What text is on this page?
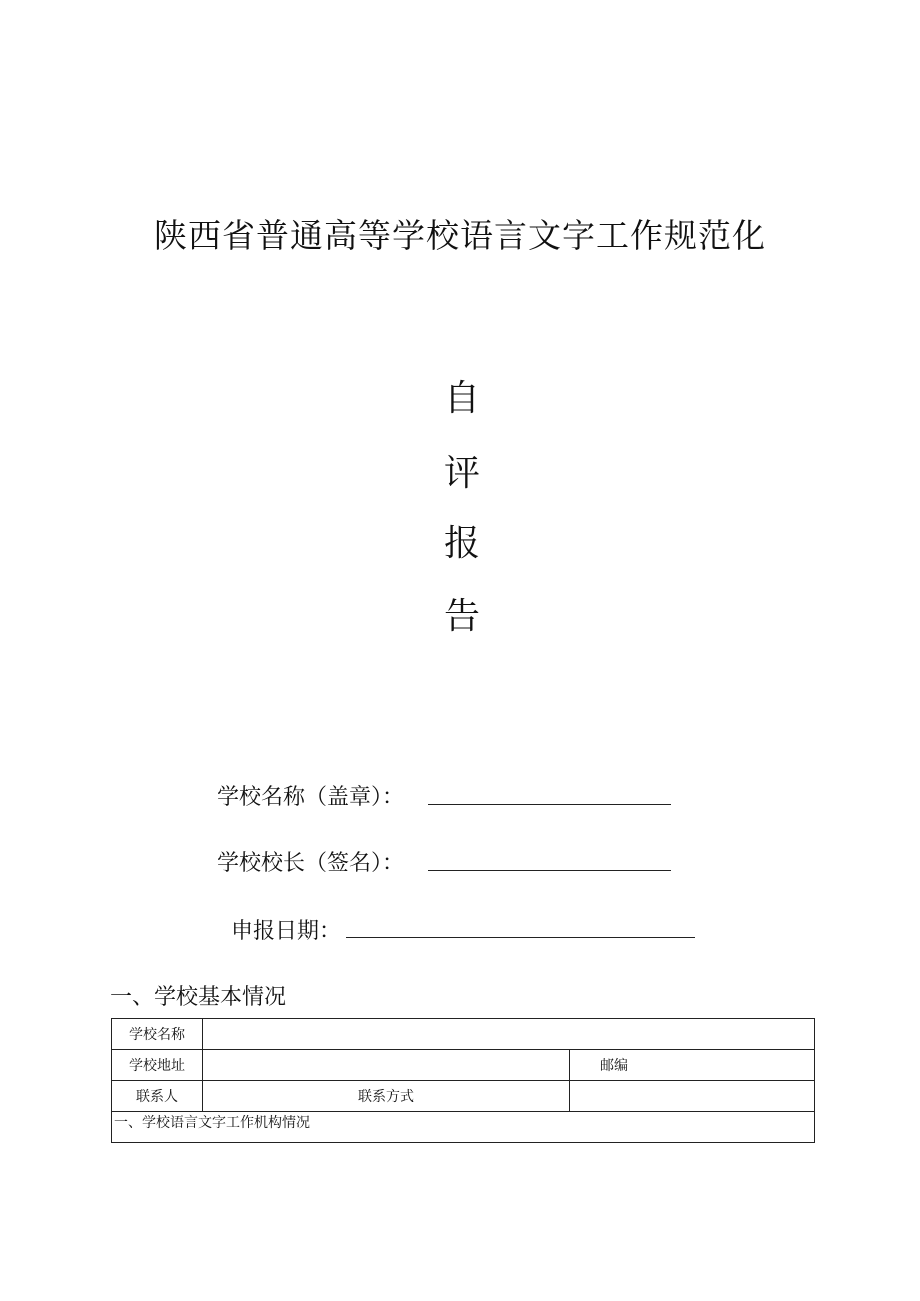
陕西省普通高等学校语言文字工作规范化
自
评
报
告
学校名称（盖章）：
学校校长（签名）：
申报日期：
一、学校基本情况
学校名称		
学校地址		邮编
联系人	联系方式	
一、学校语言文字工作机构情况		
